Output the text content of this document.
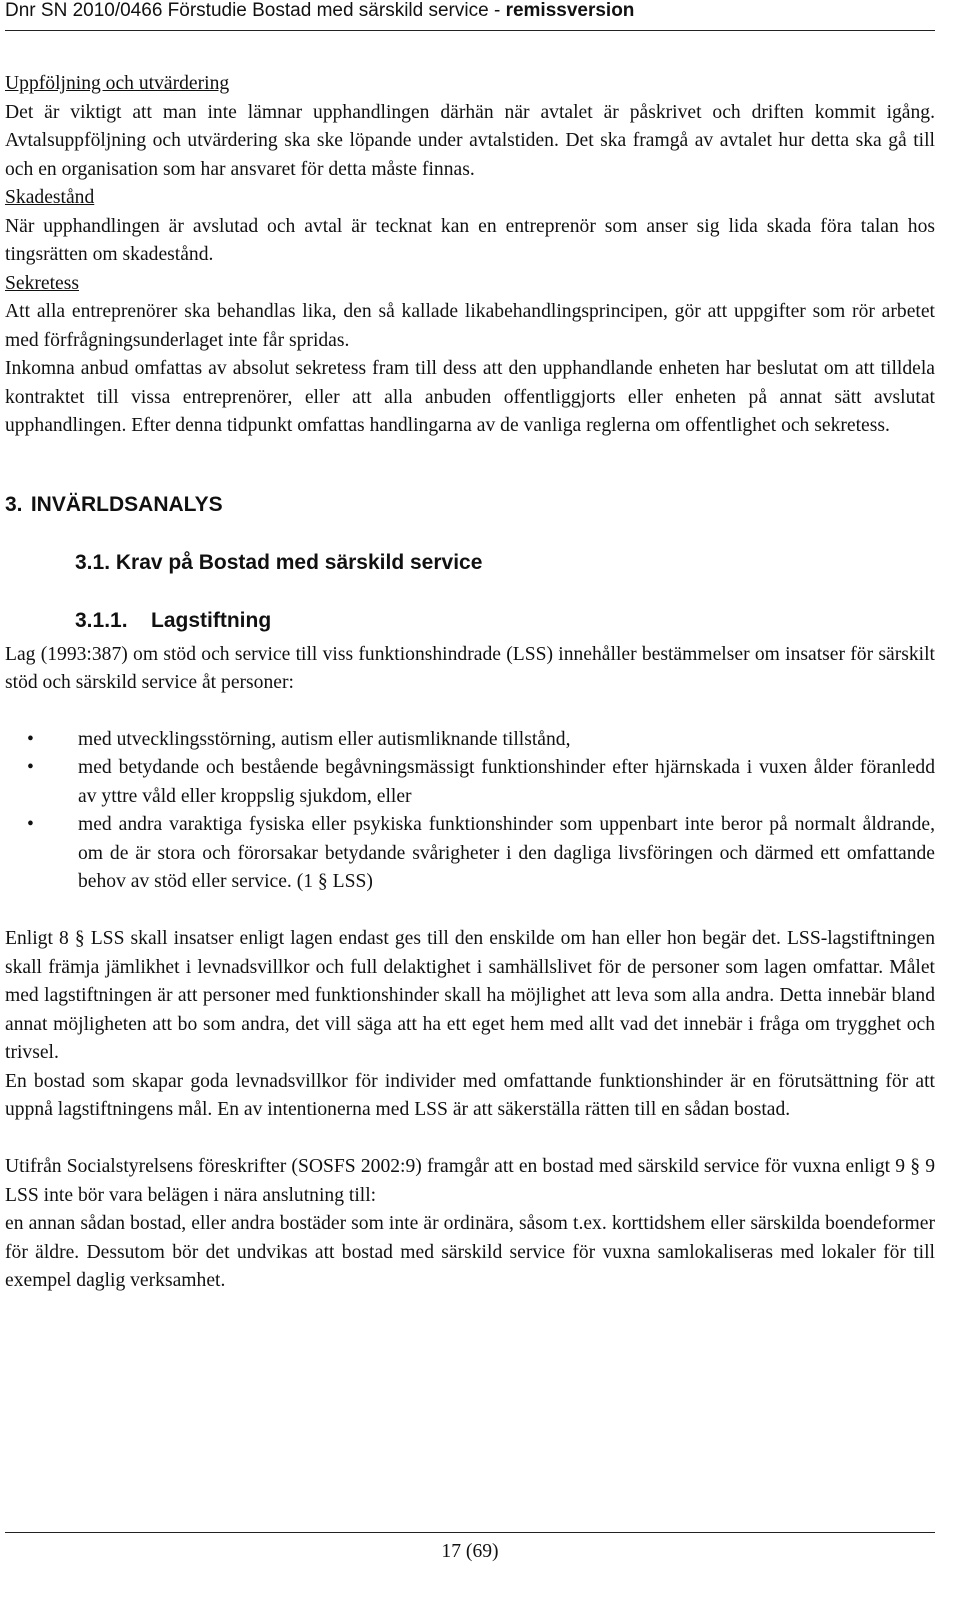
Dnr SN 2010/0466 Förstudie Bostad med särskild service - remissversion

Uppföljning och utvärdering

Det är viktigt att man inte lämnar upphandlingen därhän när avtalet är påskrivet och driften kommit igång. Avtalsuppföljning och utvärdering ska ske löpande under avtalstiden. Det ska framgå av avtalet hur detta ska gå till och en organisation som har ansvaret för detta måste finnas.

Skadestånd

När upphandlingen är avslutad och avtal är tecknat kan en entreprenör som anser sig lida skada föra talan hos tingsrätten om skadestånd.

Sekretess

Att alla entreprenörer ska behandlas lika, den så kallade likabehandlingsprincipen, gör att uppgifter som rör arbetet med förfrågningsunderlaget inte får spridas.

Inkomna anbud omfattas av absolut sekretess fram till dess att den upphandlande enheten har beslutat om att tilldela kontraktet till vissa entreprenörer, eller att alla anbuden offentliggjorts eller enheten på annat sätt avslutat upphandlingen. Efter denna tidpunkt omfattas handlingarna av de vanliga reglerna om offentlighet och sekretess.

3. INVÄRLDSANALYS
3.1. Krav på Bostad med särskild service
3.1.1. Lagstiftning

Lag (1993:387) om stöd och service till viss funktionshindrade (LSS) innehåller bestämmelser om insatser för särskilt stöd och särskild service åt personer:

• med utvecklingsstörning, autism eller autismliknande tillstånd,
• med betydande och bestående begåvningsmässigt funktionshinder efter hjärnskada i vuxen ålder föranledd av yttre våld eller kroppslig sjukdom, eller
• med andra varaktiga fysiska eller psykiska funktionshinder som uppenbart inte beror på normalt åldrande, om de är stora och förorsakar betydande svårigheter i den dagliga livsföringen och därmed ett omfattande behov av stöd eller service. (1 § LSS)

Enligt 8 § LSS skall insatser enligt lagen endast ges till den enskilde om han eller hon begär det. LSS-lagstiftningen skall främja jämlikhet i levnadsvillkor och full delaktighet i samhällslivet för de personer som lagen omfattar. Målet med lagstiftningen är att personer med funktionshinder skall ha möjlighet att leva som alla andra. Detta innebär bland annat möjligheten att bo som andra, det vill säga att ha ett eget hem med allt vad det innebär i fråga om trygghet och trivsel.

En bostad som skapar goda levnadsvillkor för individer med omfattande funktionshinder är en förutsättning för att uppnå lagstiftningens mål. En av intentionerna med LSS är att säkerställa rätten till en sådan bostad.

Utifrån Socialstyrelsens föreskrifter (SOSFS 2002:9) framgår att en bostad med särskild service för vuxna enligt 9 § 9 LSS inte bör vara belägen i nära anslutning till:

en annan sådan bostad, eller andra bostäder som inte är ordinära, såsom t.ex. korttidshem eller särskilda boendeformer för äldre. Dessutom bör det undvikas att bostad med särskild service för vuxna samlokaliseras med lokaler för till exempel daglig verksamhet.

17 (69)
